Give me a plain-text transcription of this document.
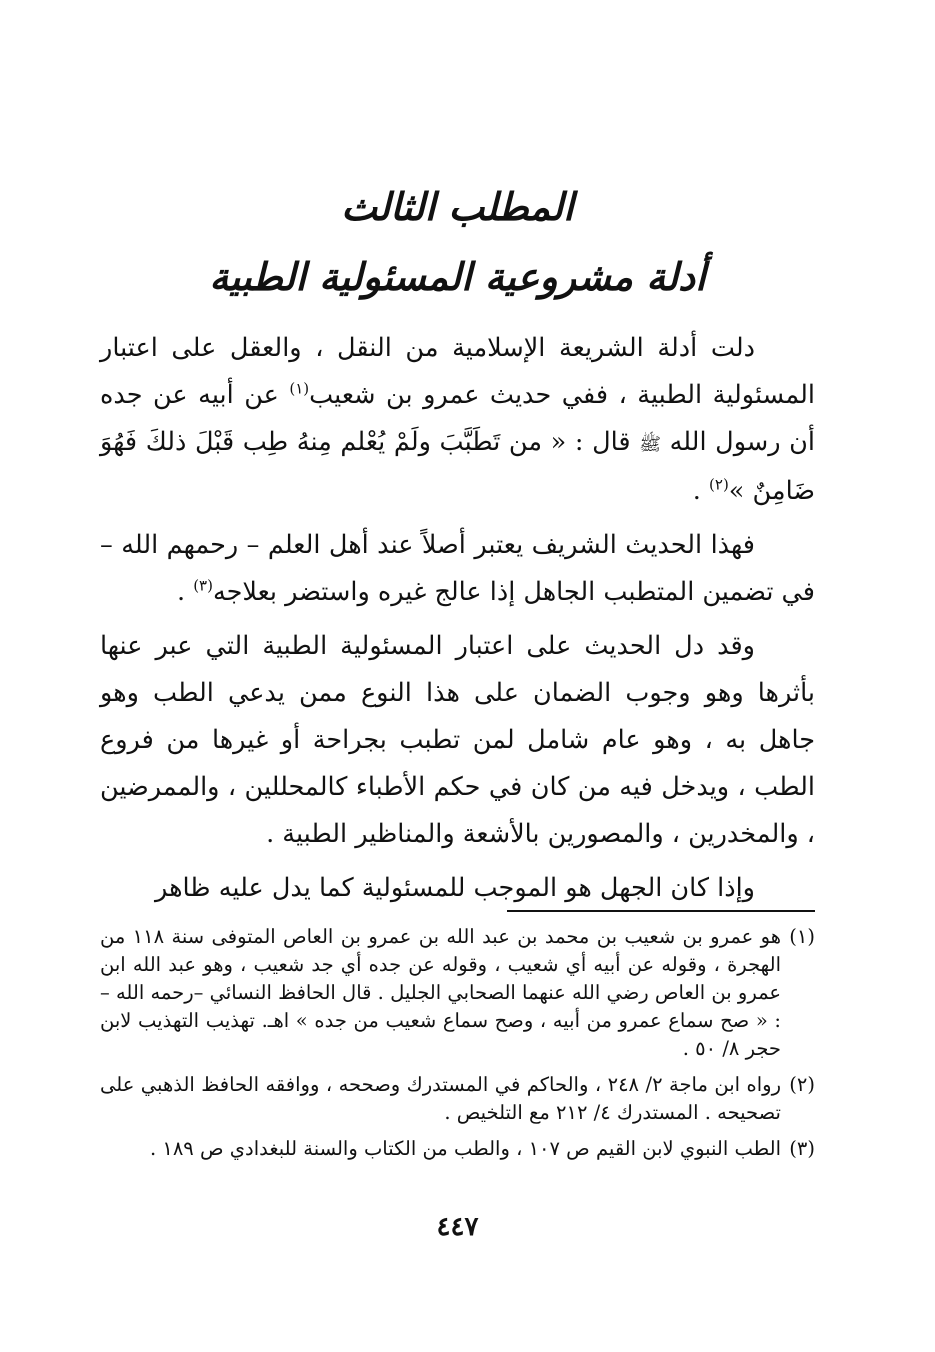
المطلب الثالث
أدلة مشروعية المسئولية الطبية

دلت أدلة الشريعة الإسلامية من النقل ، والعقل على اعتبار المسئولية الطبية ، ففي حديث عمرو بن شعيب$^{(١)}$ عن أبيه عن جده أن رسول الله ﷺ قال : « من تَطَبَّبَ ولَمْ يُعْلم مِنهُ طِب قَبْلَ ذلكَ فَهُوَ ضَامِنٌ »$^{(٢)}$ .

فهذا الحديث الشريف يعتبر أصلاً عند أهل العلم – رحمهم الله – في تضمين المتطبب الجاهل إذا عالج غيره واستضر بعلاجه$^{(٣)}$ .

وقد دل الحديث على اعتبار المسئولية الطبية التي عبر عنها بأثرها وهو وجوب الضمان على هذا النوع ممن يدعي الطب وهو جاهل به ، وهو عام شامل لمن تطبب بجراحة أو غيرها من فروع الطب ، ويدخل فيه من كان في حكم الأطباء كالمحللين ، والممرضين ، والمخدرين ، والمصورين بالأشعة والمناظير الطبية .

وإذا كان الجهل هو الموجب للمسئولية كما يدل عليه ظاهر

(١)
هو عمرو بن شعيب بن محمد بن عبد الله بن عمرو بن العاص المتوفى سنة ١١٨ من الهجرة ، وقوله عن أبيه أي شعيب ، وقوله عن جده أي جد شعيب ، وهو عبد الله ابن عمرو بن العاص رضي الله عنهما الصحابي الجليل . قال الحافظ النسائي –رحمه الله – : « صح سماع عمرو من أبيه ، وصح سماع شعيب من جده » اهـ. تهذيب التهذيب لابن حجر ٨/ ٥٠ .
(٢)
رواه ابن ماجة ٢/ ٢٤٨ ، والحاكم في المستدرك وصححه ، ووافقه الحافظ الذهبي على تصحيحه . المستدرك ٤/ ٢١٢ مع التلخيص .
(٣)
الطب النبوي لابن القيم ص ١٠٧ ، والطب من الكتاب والسنة للبغدادي ص ١٨٩ .
٤٤٧
